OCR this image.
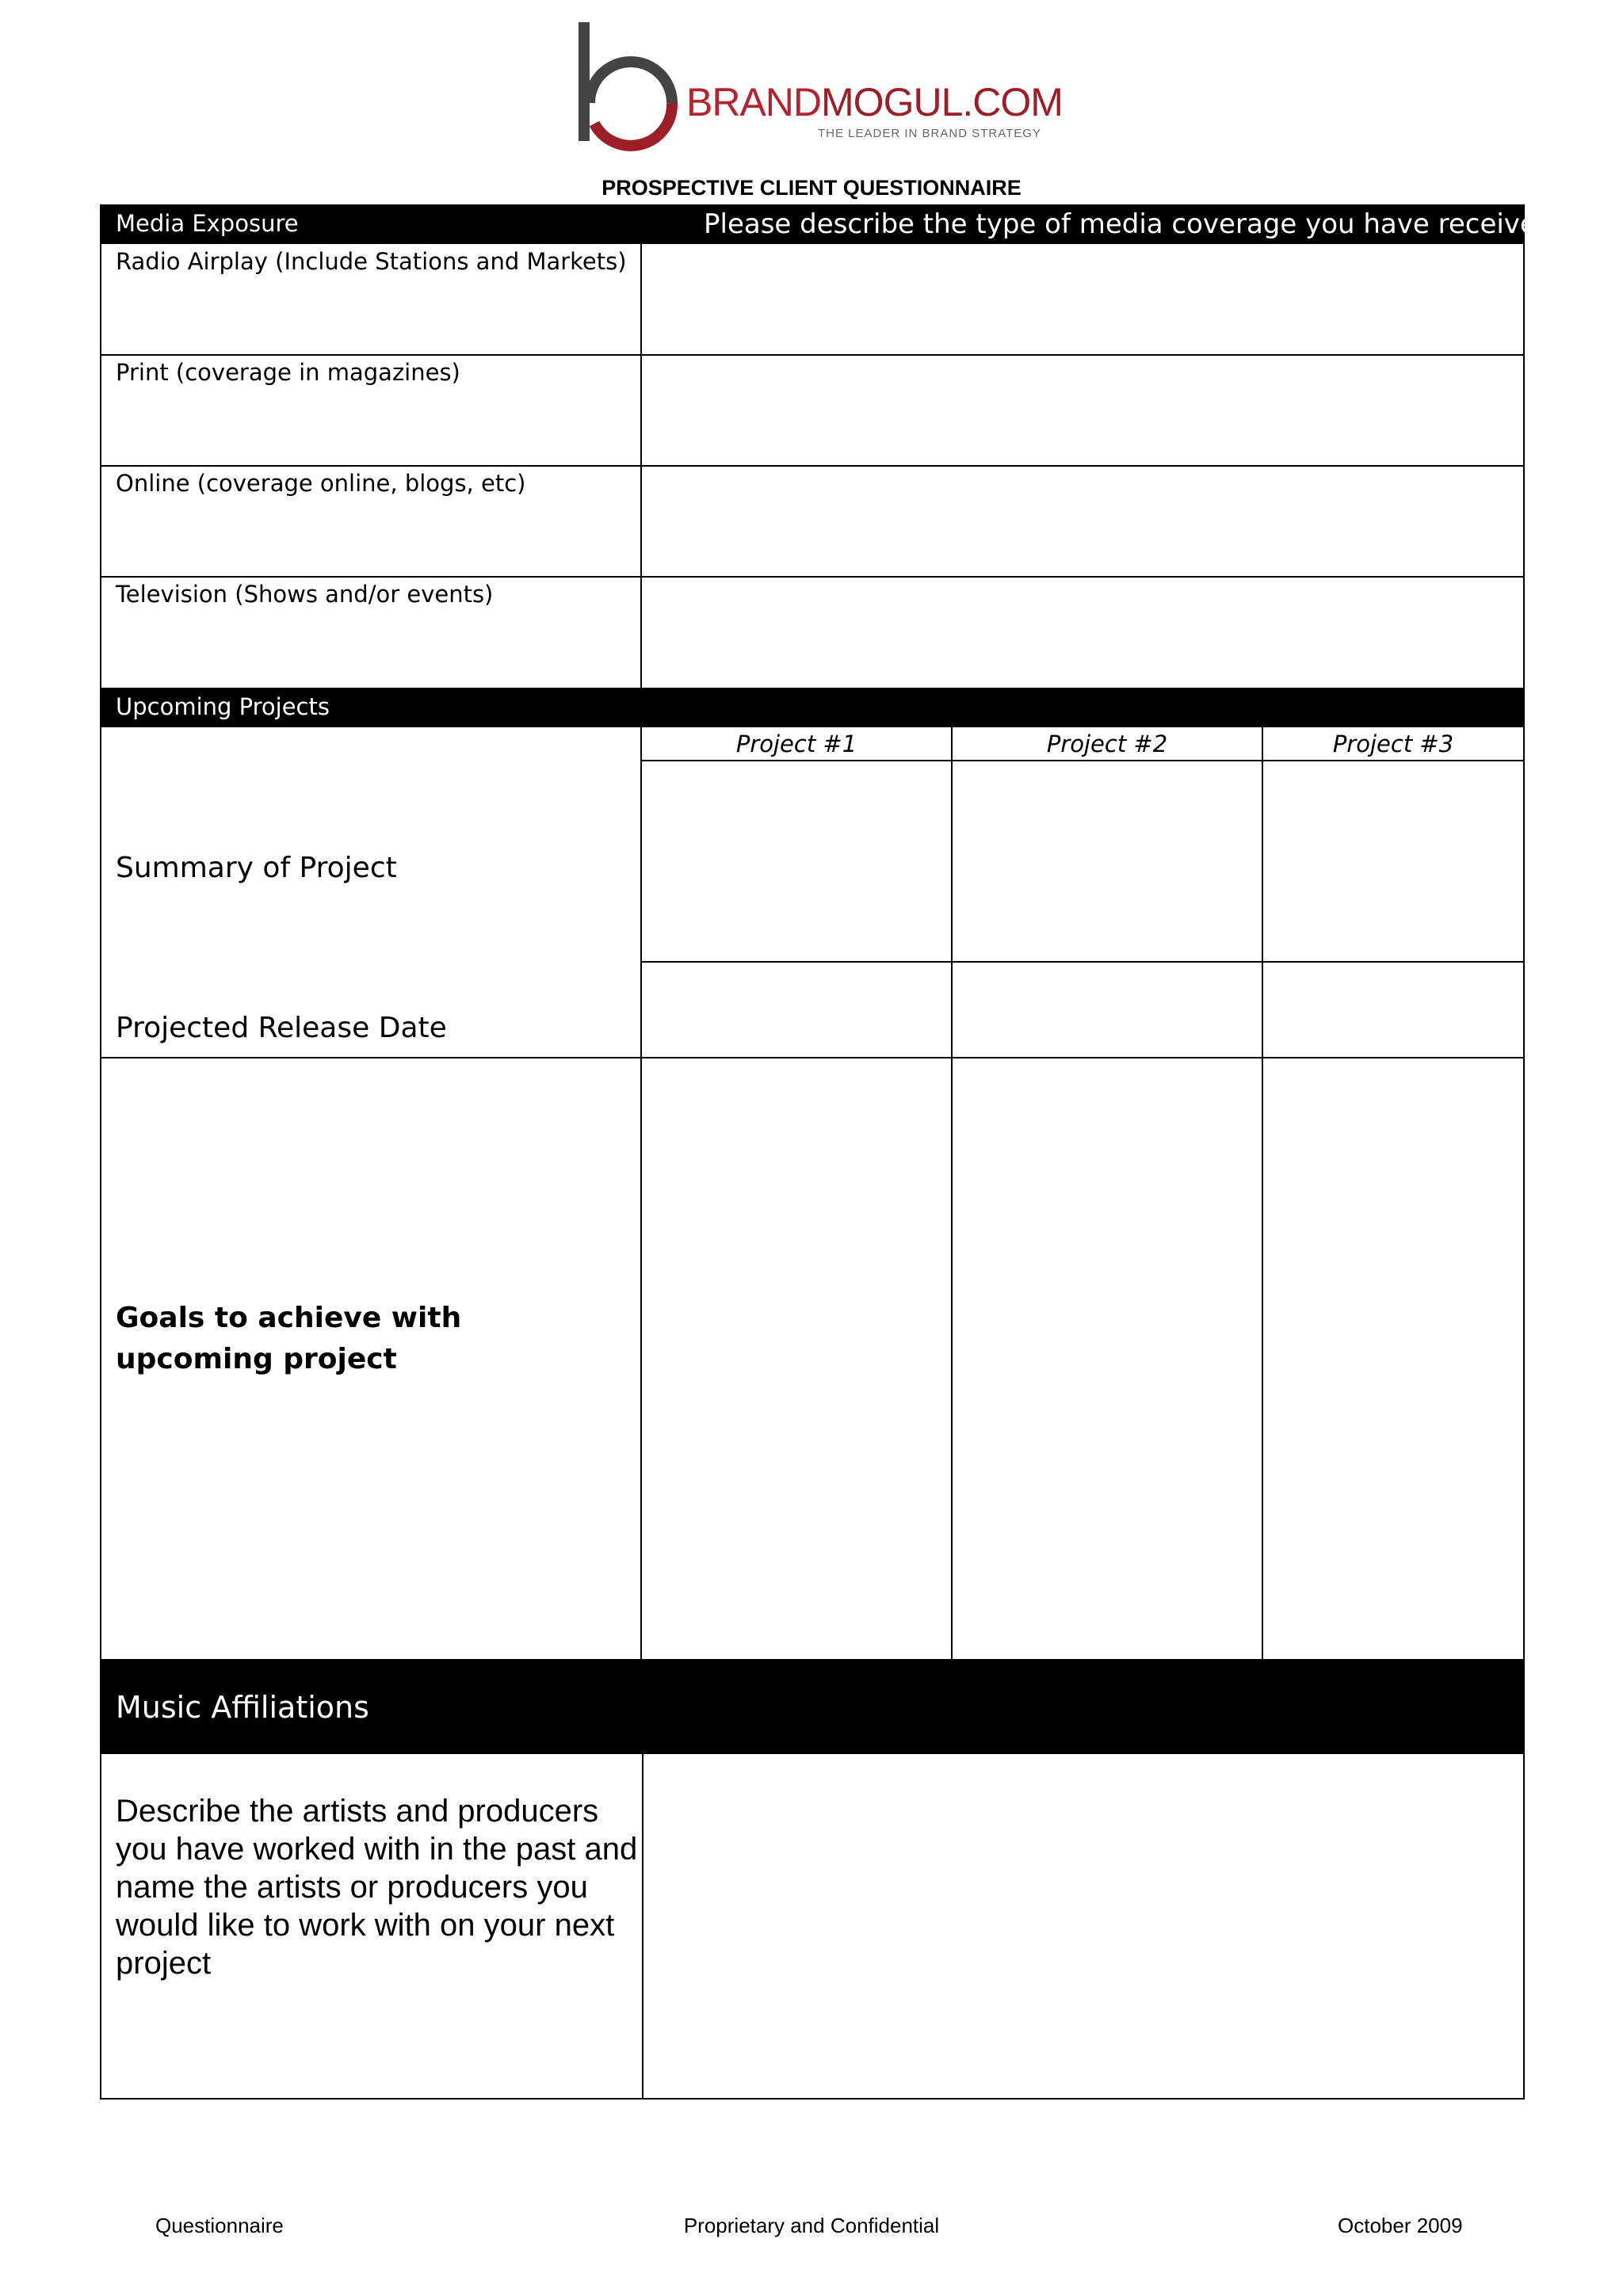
BRANDMOGUL.COM
THE LEADER IN BRAND STRATEGY
PROSPECTIVE CLIENT QUESTIONNAIRE
Media Exposure	Please describe the type of media coverage you have received
Radio Airplay (Include Stations and Markets)
Print (coverage in magazines)
Online (coverage online, blogs, etc)
Television (Shows and/or events)
Upcoming Projects
Project #1	Project #2	Project #3
Summary of Project
Projected Release Date
Goals to achieve with upcoming project
Music Affiliations
Describe the artists and producers you have worked with in the past and name the artists or producers you would like to work with on your next project
Questionnaire	Proprietary and Confidential	October 2009
